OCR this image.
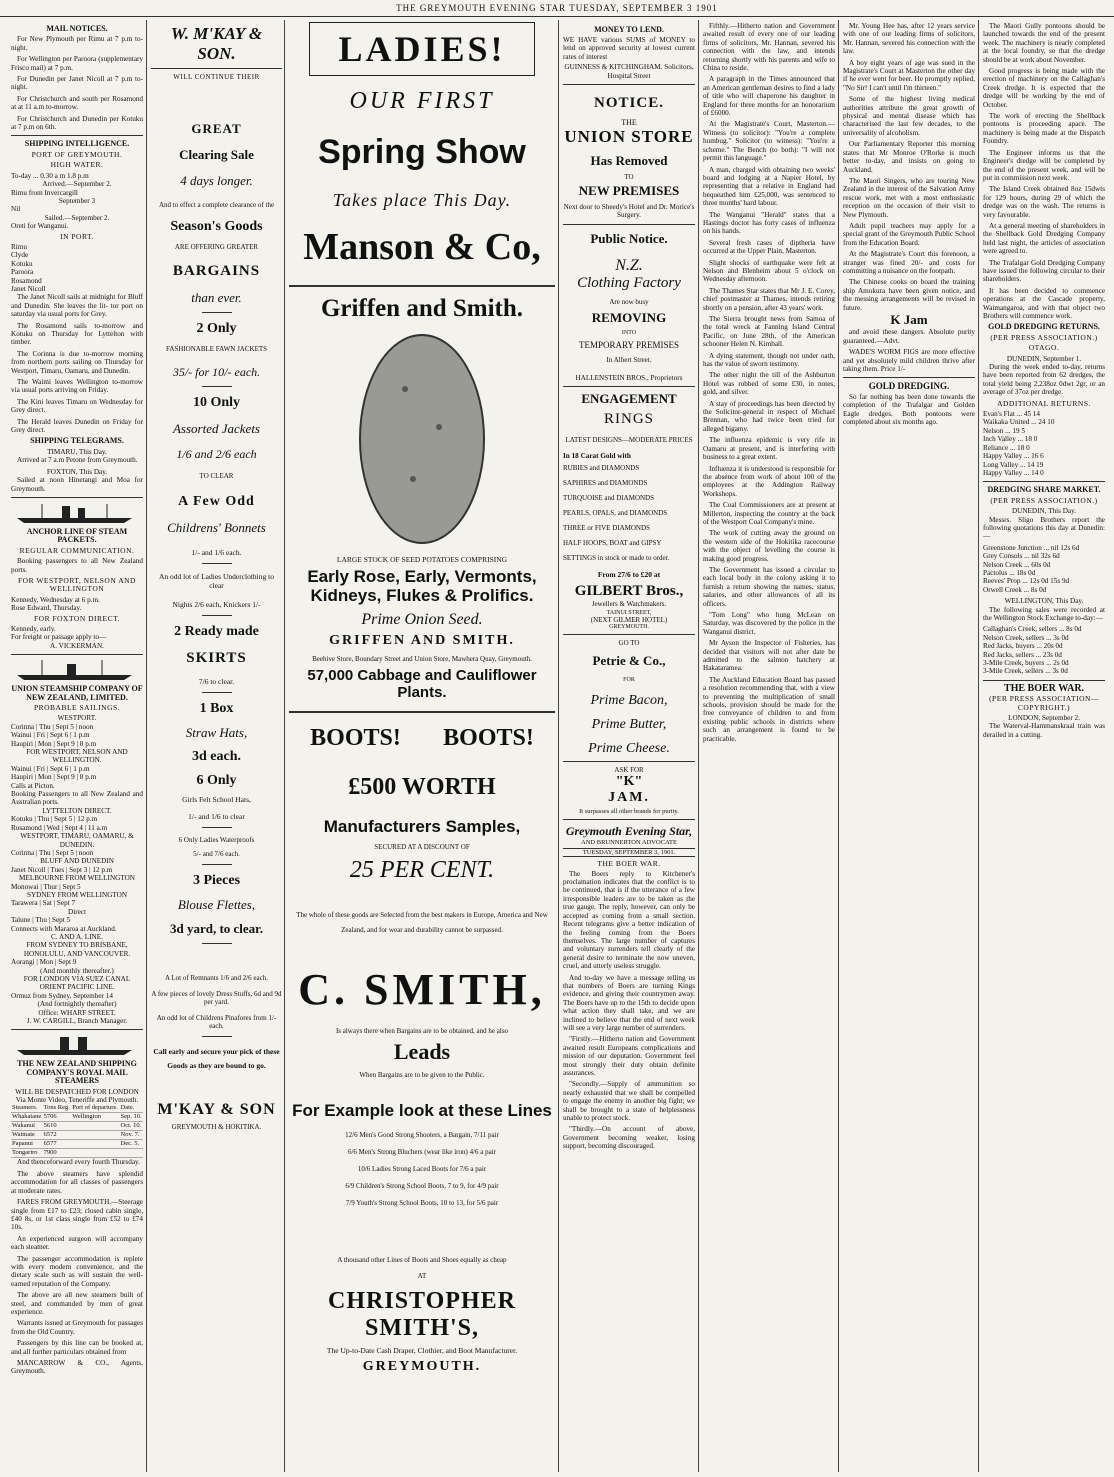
THE GREYMOUTH EVENING STAR TUESDAY, SEPTEMBER 3 1901
MAIL NOTICES.

For New Plymouth per Rimu at 7 p.m to-night.

For Wellington per Paroora (supplementary Frisco mail) at 7 p.m.

For Dunedin per Janet Nicoll at 7 p.m to-night.

For Christchurch and south per Rosamond at at 11 a.m to-morrow.

For Christchurch and Dunedin per Kotuku at 7 p.m on 6th.

SHIPPING INTELLIGENCE.
PORT OF GREYMOUTH.
HIGH WATER.
To-day ... 0.30 a m 1.8 p.m
Arrived.—September 2.
Rimu from Invercargill
September 3
Nil
Sailed.—September 2.
Oreti for Wanganui.
IN PORT.
Rimu
Clyde
Kotuku
Paroora
Rosamond
Janet Nicoll

The Janet Nicoll sails at midnight for Bluff and Dunedin. She leaves the lit- tor port on saturday via usual ports for Grey.

The Rosamond sails to-morrow and Kotuku on Thursday for Lyttelton with timber.

The Corinna is due to-morrow morning from northern ports sailing on Thursday for Westport, Timaru, Oamaru, and Dunedin.

The Waimi leaves Wellington to-morrow via usual ports arriving on Friday.

The Kini leaves Timaru on Wednesday for Grey direct.

The Herald leaves Dunedin on Friday for Grey direct.

SHIPPING TELEGRAMS.
TIMARU, This Day.

Arrived at 7 a.m Petone from Greymouth.

FOXTON, This Day.

Sailed at noon Hinetangi and Moa for Greymouth.

ANCHOR LINE OF STEAM PACKETS.
REGULAR COMMUNICATION.

Booking passengers to all New Zealand ports.

FOR WESTPORT, NELSON AND WELLINGTON
Kennedy, Wednesday at 6 p.m.
Rose Edward, Thursday.
FOR FOXTON DIRECT.
Kennedy, early.
For freight or passage apply to—
A. VICKERMAN.
UNION STEAMSHIP COMPANY OF NEW ZEALAND, LIMITED.
PROBABLE SAILINGS.
WESTPORT.
Corinna | Thu | Sept 5 | noon
Wainui | Fri | Sept 6 | 1 p.m
Haupiri | Mon | Sept 9 | 8 p.m
FOR WESTPORT, NELSON AND WELLINGTON.
Wainui | Fri | Sept 6 | 1 p.m
Haupiri | Mon | Sept 9 | 8 p.m
Calls at Picton.
Booking Passengers to all New Zealand and Australian ports.
LYTTELTON DIRECT.
Kotuku | Thu | Sept 5 | 12 p.m
Rosamond | Wed | Sept 4 | 11 a.m
WESTPORT, TIMARU, OAMARU, & DUNEDIN.
Corinna | Thu | Sept 5 | noon
BLUFF AND DUNEDIN
Janet Nicoll | Tues | Sept 3 | 12 p.m
MELBOURNE FROM WELLINGTON
Monowai | Thur | Sept 5
SYDNEY FROM WELLINGTON
Tarawera | Sat | Sept 7
Direct
Talune | Thu | Sept 5
Connects with Mararoa at Auckland.
C. AND A. LINE.
FROM SYDNEY TO BRISBANE, HONOLULU, AND VANCOUVER.
Aorangi | Mon | Sept 9
(And monthly thereafter.)
FOR LONDON VIA SUEZ CANAL ORIENT PACIFIC LINE.
Ormuz from Sydney, September 14
(And fortnightly thereafter)
Office: WHARF STREET.
J. W. CARGILL, Branch Manager.
THE NEW ZEALAND SHIPPING COMPANY'S ROYAL MAIL STEAMERS
WILL BE DESPATCHED FOR LONDON
Via Monte Video, Teneriffe and Plymouth.
Steamers.	Tons Reg.	Port of departure.	Date.
Whakatane	5706	Wellington	Sep. 10.
Wakanui	5610		Oct. 10.
Waimate	6572		Nov. 7.
Papanui	6577		Dec. 5.
Tongariro	7900		

And thenceforward every fourth Thursday.

The above steamers have splendid accommodation for all classes of passengers at moderate rates.

FARES FROM GREYMOUTH.—Steerage single from £17 to £23; closed cabin single, £40 8s, or 1st class single from £52 to £74 10s.

An experienced surgeon will accompany each steamer.

The passenger accommodation is replete with every modern convenience, and the dietary scale such as will sustain the well-earned reputation of the Company.

The above are all new steamers built of steel, and commanded by men of great experience.

Warrants issued at Greymouth for passages from the Old Country.

Passengers by this line can be booked at, and all further particulars obtained from

MANCARROW & CO., Agents, Greymouth.

W. M'KAY & SON.
WILL CONTINUE THEIR
GREAT
Clearing Sale
4 days longer.
And to effect a complete clearance of the
Season's Goods
ARE OFFERING GREATER
BARGAINS
than ever.
2 Only
FASHIONABLE FAWN JACKETS
35/- for 10/- each.
10 Only
Assorted Jackets
1/6 and 2/6 each
TO CLEAR
A Few Odd
Childrens' Bonnets
1/- and 1/6 each.
An odd lot of Ladies Underclothing to clear
Nights 2/6 each, Knickers 1/-
2 Ready made
SKIRTS
7/6 to clear.
1 Box
Straw Hats,
3d each.
6 Only
Girls Felt School Hats,
1/- and 1/6 to clear
6 Only Ladies Waterproofs
5/- and 7/6 each.
3 Pieces
Blouse Flettes,
3d yard, to clear.
A Lot of Remnants 1/6 and 2/6 each.
A few pieces of lovely Dress Stuffs, 6d and 9d per yard.
An odd lot of Childrens Pinafores from 1/- each.
Call early and secure your pick of these Goods as they are bound to go.
M'KAY & SON
GREYMOUTH & HOKITIKA.
LADIES!
OUR FIRST
Spring Show
Takes place This Day.
Manson & Co,
Griffen and Smith.
LARGE STOCK OF SEED POTATOES COMPRISING
Early Rose, Early, Vermonts, Kidneys, Flukes & Prolifics.
Prime Onion Seed.
GRIFFEN AND SMITH.
Beehive Store, Boundary Street and Union Store, Mawhera Quay, Greymouth.
57,000 Cabbage and Cauliflower Plants.
BOOTS! BOOTS!
£500 WORTH
Manufacturers Samples,
SECURED AT A DISCOUNT OF
25 PER CENT.
The whole of these goods are Selected from the best makers in Europe, America and New Zealand, and for wear and durability cannot be surpassed.
C. SMITH,
Is always there when Bargains are to be obtained, and he also
Leads
When Bargains are to be given to the Public.
For Example look at these Lines
12/6 Men's Good Strong Shooters, a Bargain, 7/11 pair
6/6 Men's Strong Bluchers (wear like iron) 4/6 a pair
10/6 Ladies Strong Laced Boots for 7/6 a pair
6/9 Children's Strong School Boots, 7 to 9, for 4/9 pair
7/9 Youth's Strong School Boots, 10 to 13, for 5/6 pair
A thousand other Lines of Boots and Shoes equally as cheap
AT
CHRISTOPHER SMITH'S,
The Up-to-Date Cash Draper, Clothier, and Boot Manufacturer.
GREYMOUTH.
MONEY TO LEND.
WE HAVE various SUMS of MONEY to lend on approved security at lowest current rates of interest
GUINNESS & KITCHINGHAM. Solicitors, Hospital Street
NOTICE.
THE
UNION STORE
Has Removed
TO
NEW PREMISES
Next door to Sheedy's Hotel and Dr. Morice's Surgery.
Public Notice.
N.Z.
Clothing Factory
Are now busy
REMOVING
INTO
TEMPORARY PREMISES
In Albert Street.
HALLENSTEIN BROS., Proprietors
ENGAGEMENT
RINGS
LATEST DESIGNS—MODERATE PRICES
In 18 Carat Gold with
RUBIES and DIAMONDS
SAPHIRES and DIAMONDS
TURQUOISE and DIAMONDS
PEARLS, OPALS, and DIAMONDS
THREE or FIVE DIAMONDS
HALF HOOPS, BOAT and GIPSY
SETTINGS in stock or made to order.
From 27/6 to £20 at
GILBERT Bros.,
Jewellers & Watchmakers.
TAINUI STREET,
(NEXT GILMER HOTEL)
GREYMOUTH.
GO TO
Petrie & Co.,
FOR
Prime Bacon,
Prime Butter,
Prime Cheese.
ASK FOR
"K"
JAM.
It surpasses all other brands for purity.
Greymouth Evening Star,
AND BRUNNERTON ADVOCATE
TUESDAY, SEPTEMBER 3, 1901.
THE BOER WAR.

The Boers reply to Kitchener's proclamation indicates that the conflict is to be continued, that is if the utterance of a few irresponsible leaders are to be taken as the true gauge. The reply, however, can only be accepted as coming from a small section. Recent telegrams give a better indication of the feeling coming from the Boers themselves. The large number of captures and voluntary surrenders tell clearly of the general desire to terminate the now uneven, cruel, and utterly useless struggle.

And to-day we have a message telling us that numbers of Boers are turning Kings evidence, and giving their countrymen away. The Boers have up to the 15th to decide upon what action they shall take, and we are inclined to believe that the end of next week will see a very large number of surrenders.

"Firstly.—Hitherto nation and Government awaited result Europeans complications and mission of our deputation. Government feel most strongly their duty obtain definite assurances.

"Secondly.—Supply of ammunition so nearly exhausted that we shall be compelled to engage the enemy in another big fight; we shall be brought to a state of helplessness unable to protect stock.

"Thirdly.—On account of above, Government becoming weaker, losing support, becoming discouraged.

Fifthly.—Hitherto nation and Government awaited result of every one of our leading firms of solicitors, Mr. Hannan, severed his connection with the law, and intends returning shortly with his parents and wife to China to reside.

A paragraph in the Times announced that an American gentleman desires to find a lady of title who will chaperone his daughter in England for three months for an honorarium of £6000.

At the Magistrate's Court, Masterton.—Witness (to solicitor): "You're a complete humbug." Solicitor (to witness): "You're a scheme." The Bench (to both): "I will not permit this language."

A man, charged with obtaining two weeks' board and lodging at a Napier Hotel, by representing that a relative in England had bequeathed him £25,000, was sentenced to three months' hard labour.

The Wanganui "Herald" states that a Hastings doctor has forty cases of influenza on his hands.

Several fresh cases of diptheria have occurred at the Upper Plain, Masterton.

Slight shocks of earthquake were felt at Nelson and Blenheim about 5 o'clock on Wednesday afternoon.

The Thames Star states that Mr J. E. Corey, chief postmaster at Thames, intends retiring shortly on a pension, after 43 years' work.

The Sierra brought news from Samoa of the total wreck at Fanning Island Central Pacific, on June 28th, of the American schooner Helen N. Kimball.

A dying statement, though not under oath, has the value of sworn testimony.

The other night the till of the Ashburton Hotel was robbed of some £30, in notes, gold, and silver.

A stay of proceedings has been directed by the Solicitor-general in respect of Michael Brennan, who had twice been tried for alleged bigamy.

The influenza epidemic is very rife in Oamaru at present, and is interfering with business to a great extent.

Influenza it is understood is responsible for the absence from work of about 100 of the employees at the Addington Railway Workshops.

The Coal Commissioners are at present at Millerton, inspecting the country at the back of the Westport Coal Company's mine.

The work of cutting away the ground on the western side of the Hokitika racecourse with the object of levelling the course is making good progress.

The Government has issued a circular to each local body in the colony asking it to furnish a return showing the names, status, salaries, and other allowances of all its officers.

"Tom Long" who hung McLean on Saturday, was discovered by the police in the Wanganui district.

Mr Ayson the Inspector of Fisheries, has decided that visitors will not after date be admitted to the salmon hatchery at Hakataramea.

The Auckland Education Board has passed a resolution recommending that, with a view to preventing the multiplication of small schools, provision should be made for the free conveyance of children to and from existing public schools in districts where such an arrangement is found to be practicable.

Mr. Young Hee has, after 12 years service with one of our leading firms of solicitors, Mr. Hannan, severed his connection with the law.

A boy eight years of age was sued in the Magistrate's Court at Masterton the other day if he ever went for beer. He promptly replied, "No Sir! I can't until I'm thirteen."

Some of the highest living medical authorities attribute the great growth of physical and mental disease which has characterised the last few decades, to the universality of alcoholism.

Our Parliamentary Reporter this morning states that Mr Monroe O'Rorke is much better to-day, and insists on going to Auckland.

The Maori Singers, who are touring New Zealand in the interest of the Salvation Army rescue work, met with a most enthusiastic reception on the occasion of their visit to New Plymouth.

Adult pupil teachers may apply for a special grant of the Greymouth Public School from the Education Board.

At the Magistrate's Court this forenoon, a stranger was fined 20/- and costs for committing a nuisance on the footpath.

The Chinese cooks on board the training ship Amokura have been given notice, and the messing arrangements will be revised in future.

K Jam

and avoid these dangers. Absolute purity guaranteed.—Advt.

WADE'S WORM FIGS are more effective and yet absolutely mild children thrive after taking them. Price 1/-

GOLD DREDGING.

So far nothing has been done towards the completion of the Trafalgar and Golden Eagle dredges. Both pontoons were completed about six months ago.

The Maori Gully pontoons should be launched towards the end of the present week. The machinery is nearly completed at the local foundry, so that the dredge should be at work about November.

Good progress is being made with the erection of machinery on the Callaghan's Creek dredge. It is expected that the dredge will be working by the end of October.

The work of erecting the Shellback pontoons is proceeding apace. The machinery is being made at the Dispatch Foundry.

The Engineer informs us that the Engineer's dredge will be completed by the end of the present week, and will be put in commission next week.

The Island Creek obtained 8oz 15dwts for 129 hours, during 29 of which the dredge was on the wash. The returns is very favourable.

At a general meeting of shareholders in the Shellback Gold Dredging Company held last night, the articles of association were agreed to.

The Trafalgar Gold Dredging Company have issued the following circular to their shareholders.

It has been decided to commence operations at the Cascade property, Waimangaroa, and with that object two Brothers will commence work.

GOLD DREDGING RETURNS.
(PER PRESS ASSOCIATION.)
OTAGO.
DUNEDIN, September 1.

During the week ended to-day, returns have been reported from 62 dredges, the total yield being 2,238oz 0dwt 2gr, or an average of 37oz per dredge.

ADDITIONAL RETURNS.
Evan's Flat ... 45 14
Waikaka United ... 24 10
Nelson ... 19 5
Inch Valley ... 18 0
Reliance ... 18 0
Happy Valley ... 16 6
Long Valley ... 14 19
Happy Valley ... 14 0
DREDGING SHARE MARKET.
(PER PRESS ASSOCIATION.)
DUNEDIN, This Day.

Messrs. Sligo Brothers report the following quotations this day at Dunedin:—

Greenstone Junction ... nil 12s 6d
Grey Consols ... nil 32s 6d
Nelson Creek ... 60s 0d
Pactolus ... 18s 0d
Reeves' Prop ... 12s 0d 15s 9d
Orwell Creek ... 8s 0d
WELLINGTON, This Day.

The following sales were recorded at the Wellington Stock Exchange to-day:—

Callaghan's Creek, sellers ... 8s 0d
Nelson Creek, sellers ... 3s 0d
Red Jacks, buyers ... 20s 0d
Red Jacks, sellers ... 23s 0d
3-Mile Creek, buyers ... 2s 0d
3-Mile Creek, sellers ... 3s 0d
THE BOER WAR.
(PER PRESS ASSOCIATION—COPYRIGHT.)
LONDON, September 2.

The Waterval-Hammanskraal train was derailed in a cutting.
